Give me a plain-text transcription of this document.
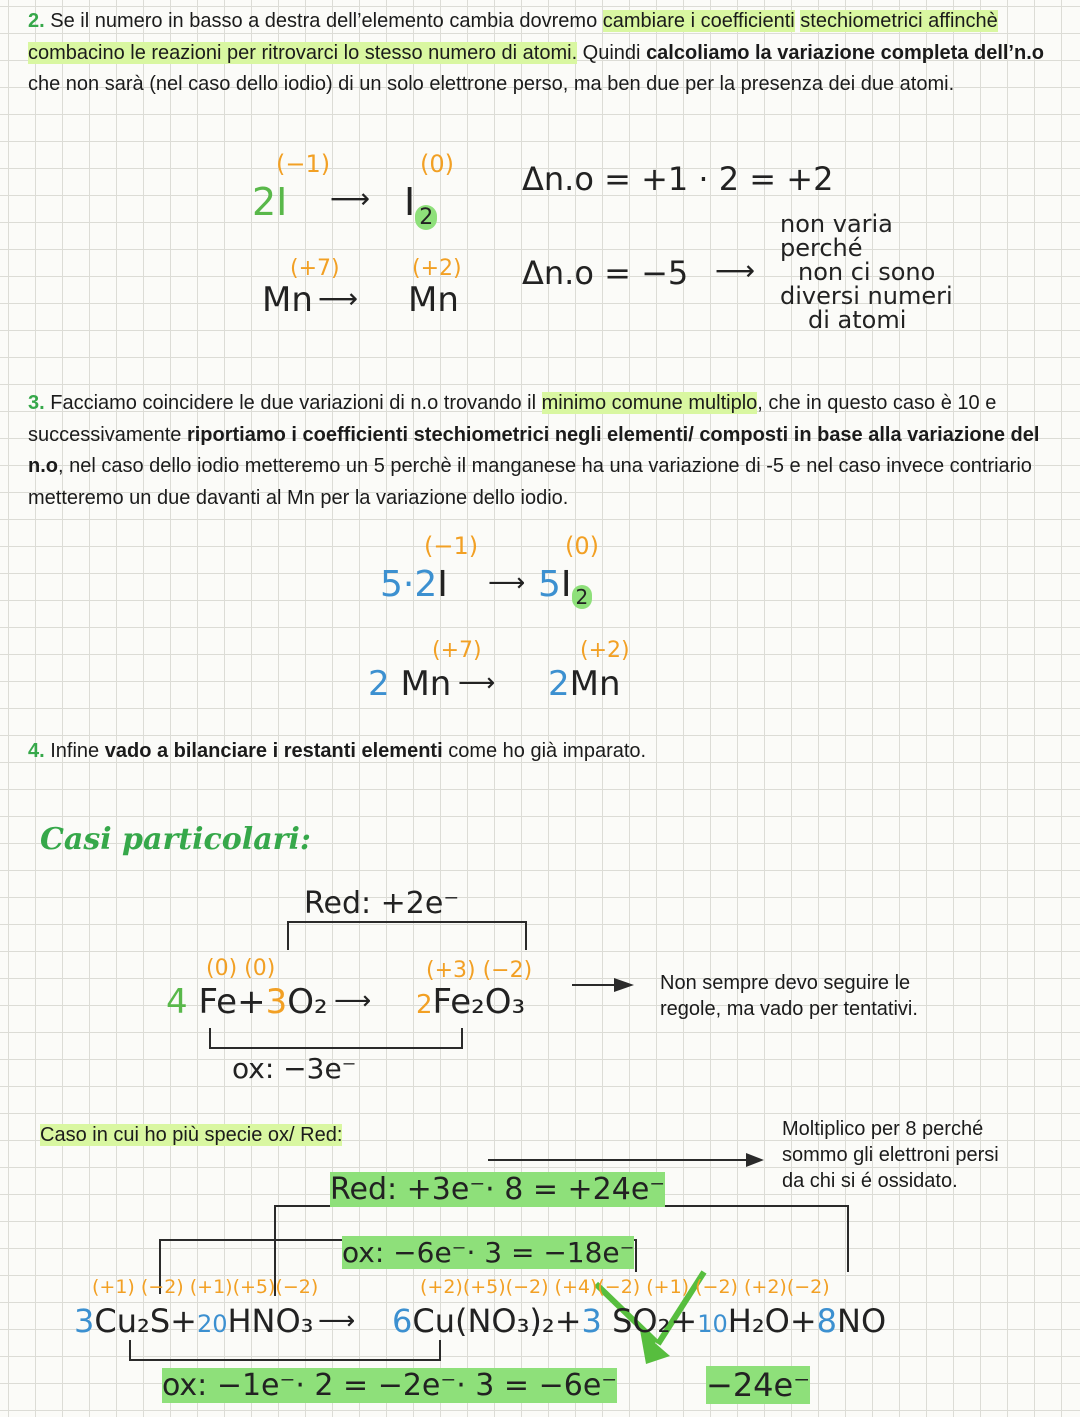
2. Se il numero in basso a destra dell’elemento cambia dovremo cambiare i coefficienti stechiometrici affinchè combacino le reazioni per ritrovarci lo stesso numero di atomi. Quindi calcoliamo la variazione completa dell’n.o che non sarà (nel caso dello iodio) di un solo elettrone perso, ma ben due per la presenza dei due atomi.
(−1)	(0)
2I ⟶ I $_2$
(+7)	(+2)
Mn ⟶ Mn
Δn.o = +1 · 2 = +2
Δn.o = −5 ⟶
non varia
perché
non ci sono
diversi numeri
di atomi
3. Facciamo coincidere le due variazioni di n.o trovando il minimo comune multiplo, che in questo caso è 10 e successivamente riportiamo i coefficienti stechiometrici negli elementi/ composti in base alla variazione del n.o, nel caso dello iodio metteremo un 5 perchè il manganese ha una variazione di -5 e nel caso invece contriario metteremo un due davanti al Mn per la variazione dello iodio.
(−1)	(0)
5·2I ⟶ 5I $_2$
(+7)	(+2)
2 Mn ⟶ 2Mn
4. Infine vado a bilanciare i restanti elementi come ho già imparato.
Casi particolari:
Red: +2e⁻
(0) (0)	(+3) (−2)
4 Fe+3O₂ ⟶ 2Fe₂O₃
ox: −3e⁻
Non sempre devo seguire le
regole, ma vado per tentativi.
Caso in cui ho più specie ox/ Red:	Moltiplico per 8 perché
sommo gli elettroni persi
da chi si é ossidato.
Red: +3e⁻· 8 = +24e⁻
ox: −6e⁻· 3 = −18e⁻
(+1) (−2) (+1)(+5)(−2)	(+2)(+5)(−2) (+4)(−2) (+1) (−2) (+2)(−2)
3Cu₂S+20HNO₃ ⟶ 6Cu(NO₃)₂+3 SO₂+10H₂O+8NO
ox: −1e⁻· 2 = −2e⁻· 3 = −6e⁻	−24e⁻
